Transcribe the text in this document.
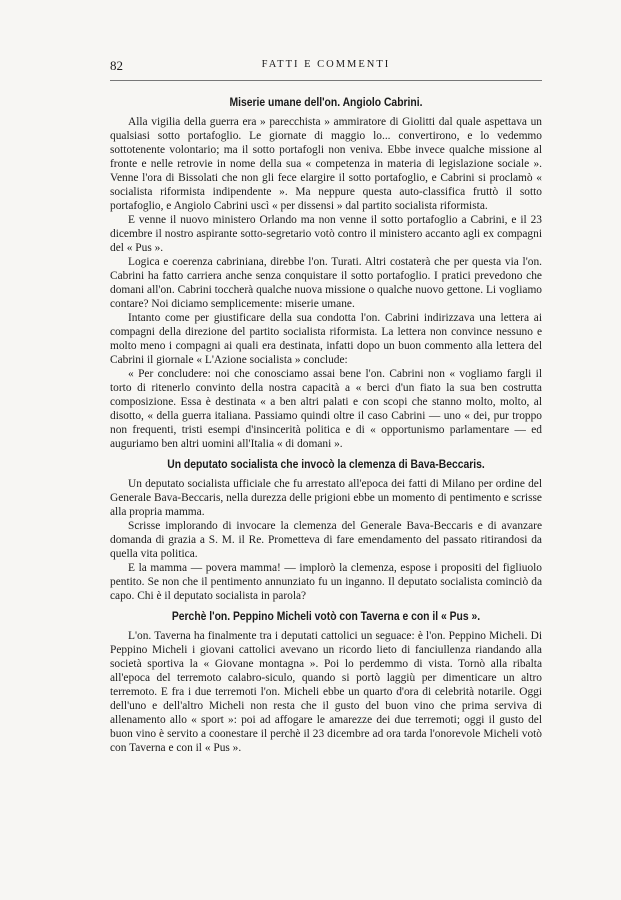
82	FATTI E COMMENTI
Miserie umane dell'on. Angiolo Cabrini.

Alla vigilia della guerra era » parecchista » ammiratore di Giolitti dal quale aspettava un qualsiasi sotto portafoglio. Le giornate di maggio lo... convertirono, e lo vedemmo sottotenente volontario; ma il sotto portafogli non veniva. Ebbe invece qualche missione al fronte e nelle retrovie in nome della sua « competenza in materia di legislazione sociale ». Venne l'ora di Bissolati che non gli fece elargire il sotto portafoglio, e Cabrini si proclamò « socialista riformista indipendente ». Ma neppure questa auto-classifica fruttò il sotto portafoglio, e Angiolo Cabrini uscì « per dissensi » dal partito socialista riformista.

E venne il nuovo ministero Orlando ma non venne il sotto portafoglio a Cabrini, e il 23 dicembre il nostro aspirante sotto-segretario votò contro il ministero accanto agli ex compagni del « Pus ».

Logica e coerenza cabriniana, direbbe l'on. Turati. Altri costaterà che per questa via l'on. Cabrini ha fatto carriera anche senza conquistare il sotto portafoglio. I pratici prevedono che domani all'on. Cabrini toccherà qualche nuova missione o qualche nuovo gettone. Li vogliamo contare? Noi diciamo semplicemente: miserie umane.

Intanto come per giustificare della sua condotta l'on. Cabrini indirizzava una lettera ai compagni della direzione del partito socialista riformista. La lettera non convince nessuno e molto meno i compagni ai quali era destinata, infatti dopo un buon commento alla lettera del Cabrini il giornale « L'Azione socialista » conclude:

« Per concludere: noi che conosciamo assai bene l'on. Cabrini non « vogliamo fargli il torto di ritenerlo convinto della nostra capacità a « berci d'un fiato la sua ben costrutta composizione. Essa è destinata « a ben altri palati e con scopi che stanno molto, molto, al disotto, « della guerra italiana. Passiamo quindi oltre il caso Cabrini — uno « dei, pur troppo non frequenti, tristi esempi d'insincerità politica e di « opportunismo parlamentare — ed auguriamo ben altri uomini all'Italia « di domani ».

Un deputato socialista che invocò la clemenza di Bava-Beccaris.

Un deputato socialista ufficiale che fu arrestato all'epoca dei fatti di Milano per ordine del Generale Bava-Beccaris, nella durezza delle prigioni ebbe un momento di pentimento e scrisse alla propria mamma.

Scrisse implorando di invocare la clemenza del Generale Bava-Beccaris e di avanzare domanda di grazia a S. M. il Re. Prometteva di fare emendamento del passato ritirandosi da quella vita politica.

E la mamma — povera mamma! — implorò la clemenza, espose i propositi del figliuolo pentito. Se non che il pentimento annunziato fu un inganno. Il deputato socialista cominciò da capo. Chi è il deputato socialista in parola?

Perchè l'on. Peppino Micheli votò con Taverna e con il « Pus ».

L'on. Taverna ha finalmente tra i deputati cattolici un seguace: è l'on. Peppino Micheli. Di Peppino Micheli i giovani cattolici avevano un ricordo lieto di fanciullenza riandando alla società sportiva la « Giovane montagna ». Poi lo perdemmo di vista. Tornò alla ribalta all'epoca del terremoto calabro-siculo, quando si portò laggiù per dimenticare un altro terremoto. E fra i due terremoti l'on. Micheli ebbe un quarto d'ora di celebrità notarile. Oggi dell'uno e dell'altro Micheli non resta che il gusto del buon vino che prima serviva di allenamento allo « sport »: poi ad affogare le amarezze dei due terremoti; oggi il gusto del buon vino è servito a coonestare il perchè il 23 dicembre ad ora tarda l'onorevole Micheli votò con Taverna e con il « Pus ».
